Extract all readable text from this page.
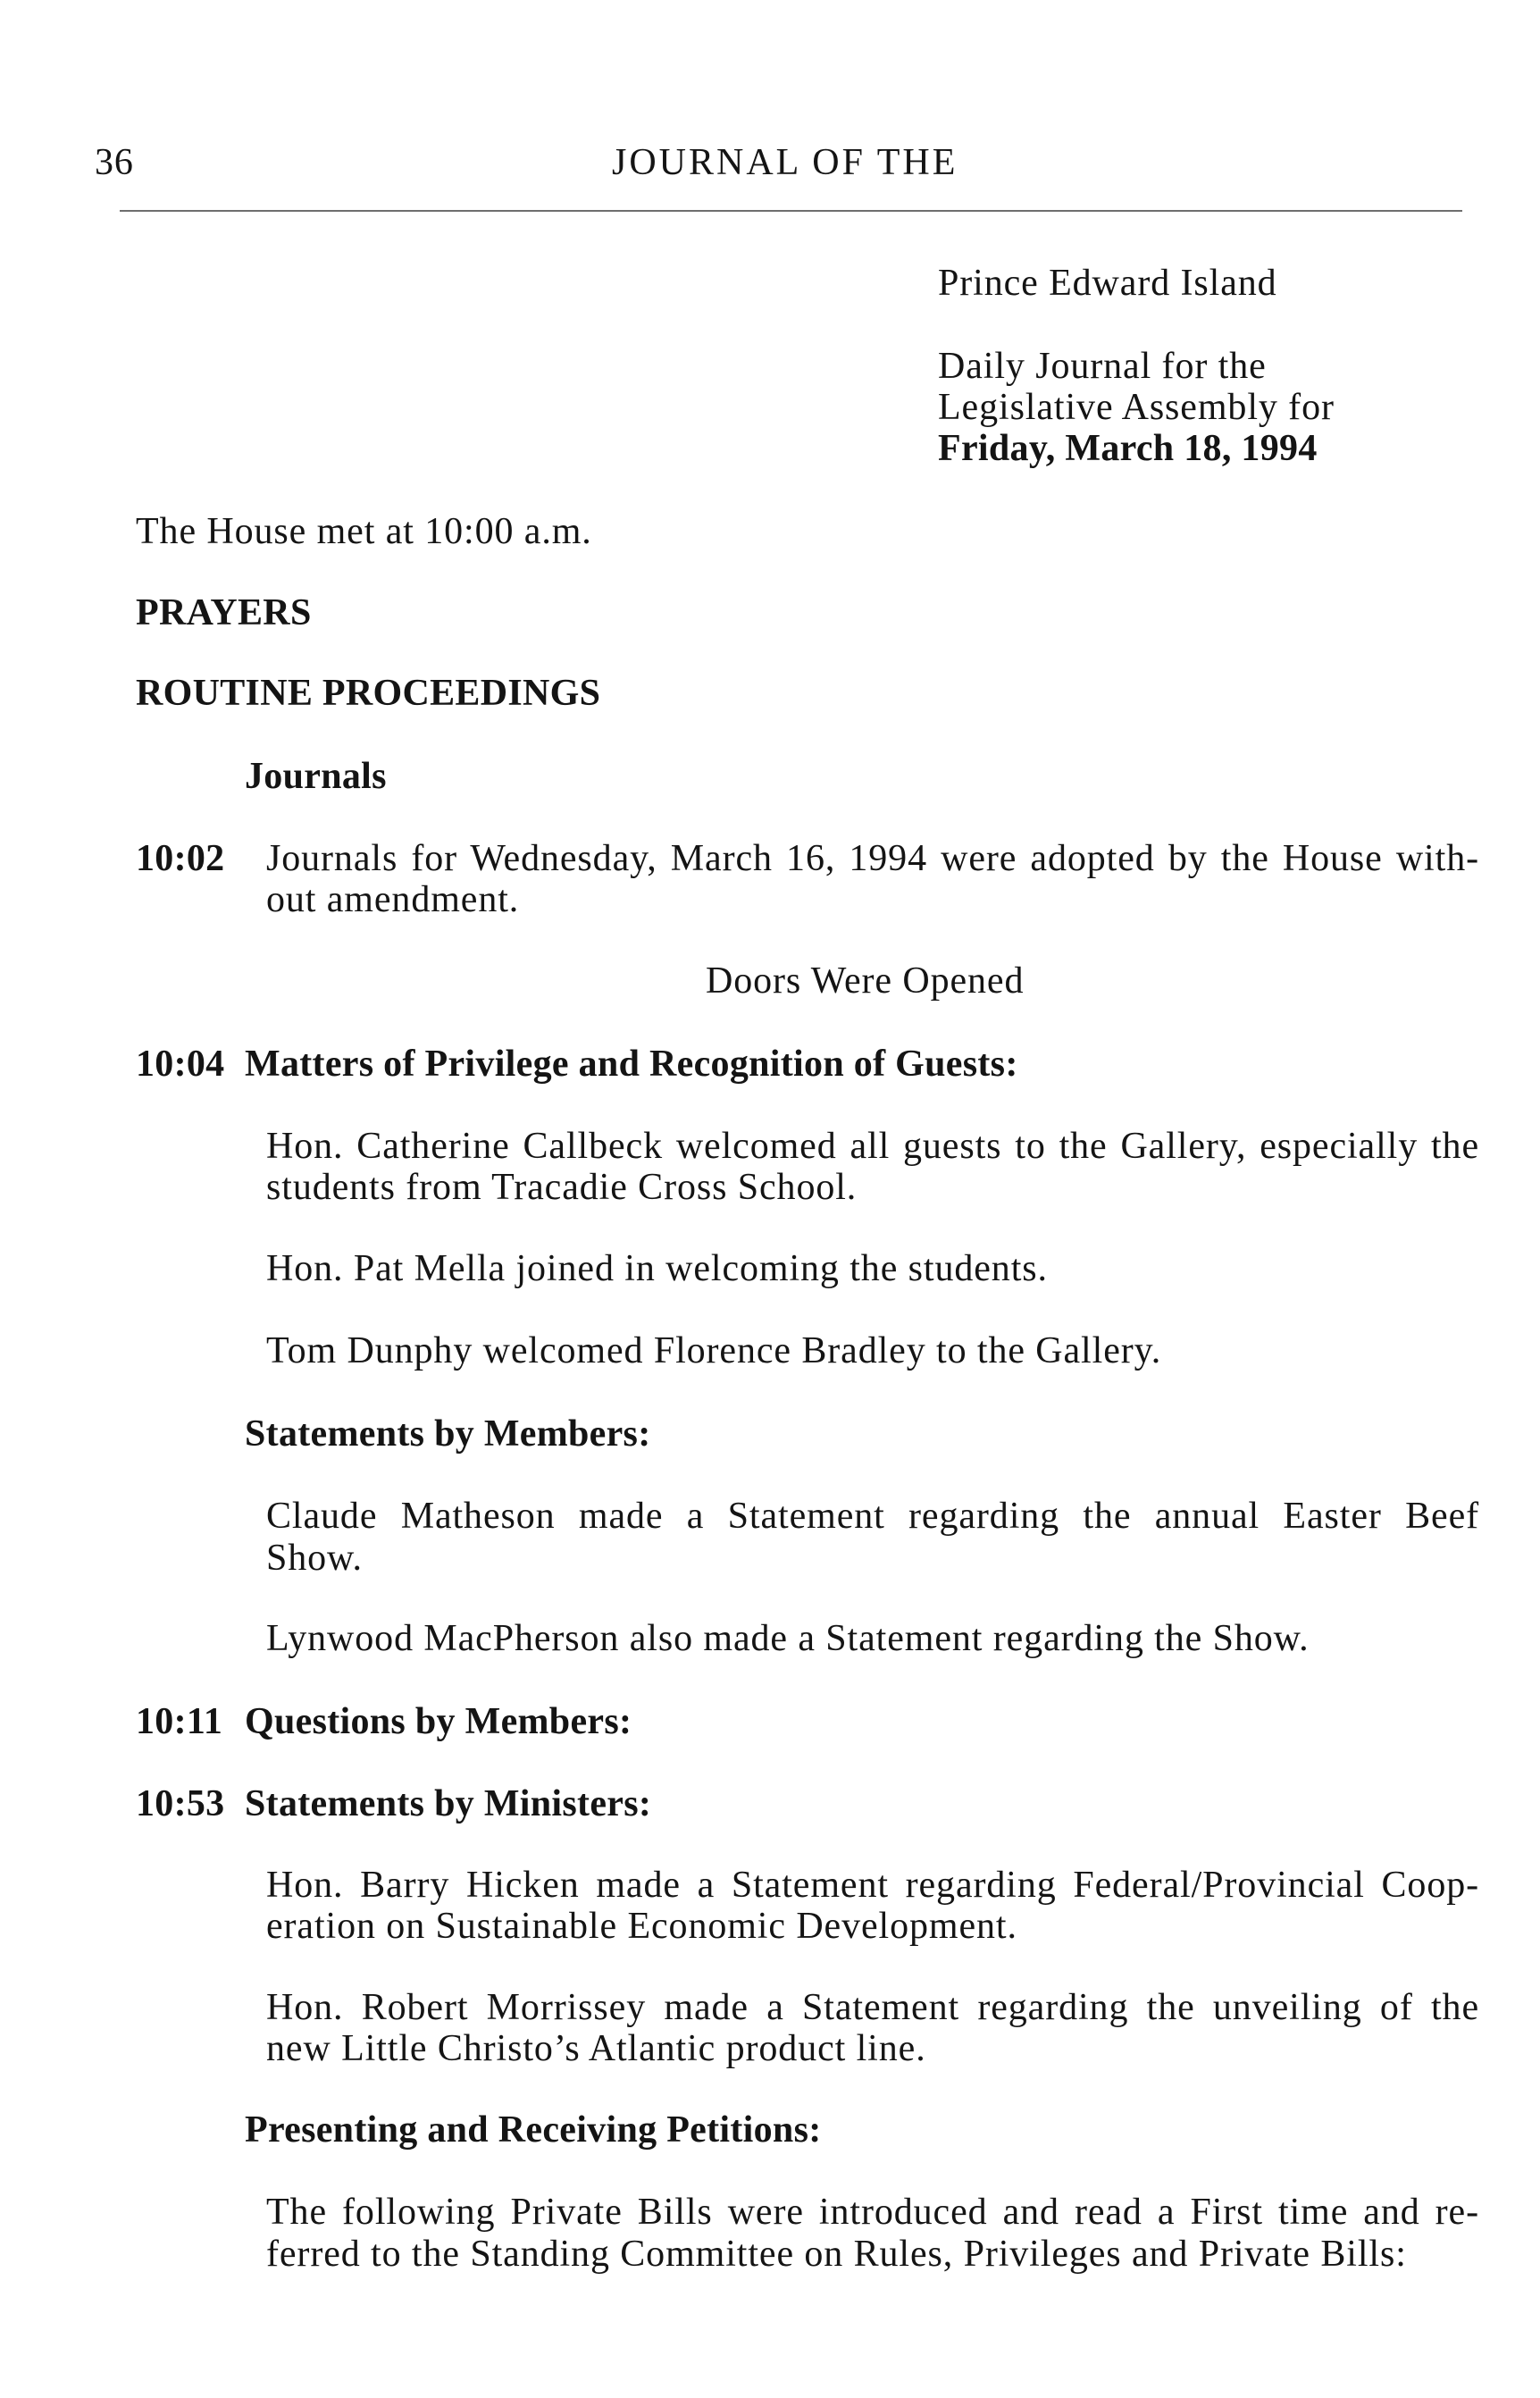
36	JOURNAL OF THE
Prince Edward Island
Daily Journal for the
Legislative Assembly for
Friday, March 18, 1994
The House met at 10:00 a.m.
PRAYERS
ROUTINE PROCEEDINGS
Journals
10:02 Journals for Wednesday, March 16, 1994 were adopted by the House with-
out amendment.
Doors Were Opened
10:04 Matters of Privilege and Recognition of Guests:
Hon. Catherine Callbeck welcomed all guests to the Gallery, especially the
students from Tracadie Cross School.
Hon. Pat Mella joined in welcoming the students.
Tom Dunphy welcomed Florence Bradley to the Gallery.
Statements by Members:
Claude Matheson made a Statement regarding the annual Easter Beef
Show.
Lynwood MacPherson also made a Statement regarding the Show.
10:11 Questions by Members:
10:53 Statements by Ministers:
Hon. Barry Hicken made a Statement regarding Federal/Provincial Coop-
eration on Sustainable Economic Development.
Hon. Robert Morrissey made a Statement regarding the unveiling of the
new Little Christo’s Atlantic product line.
Presenting and Receiving Petitions:
The following Private Bills were introduced and read a First time and re-
ferred to the Standing Committee on Rules, Privileges and Private Bills:
